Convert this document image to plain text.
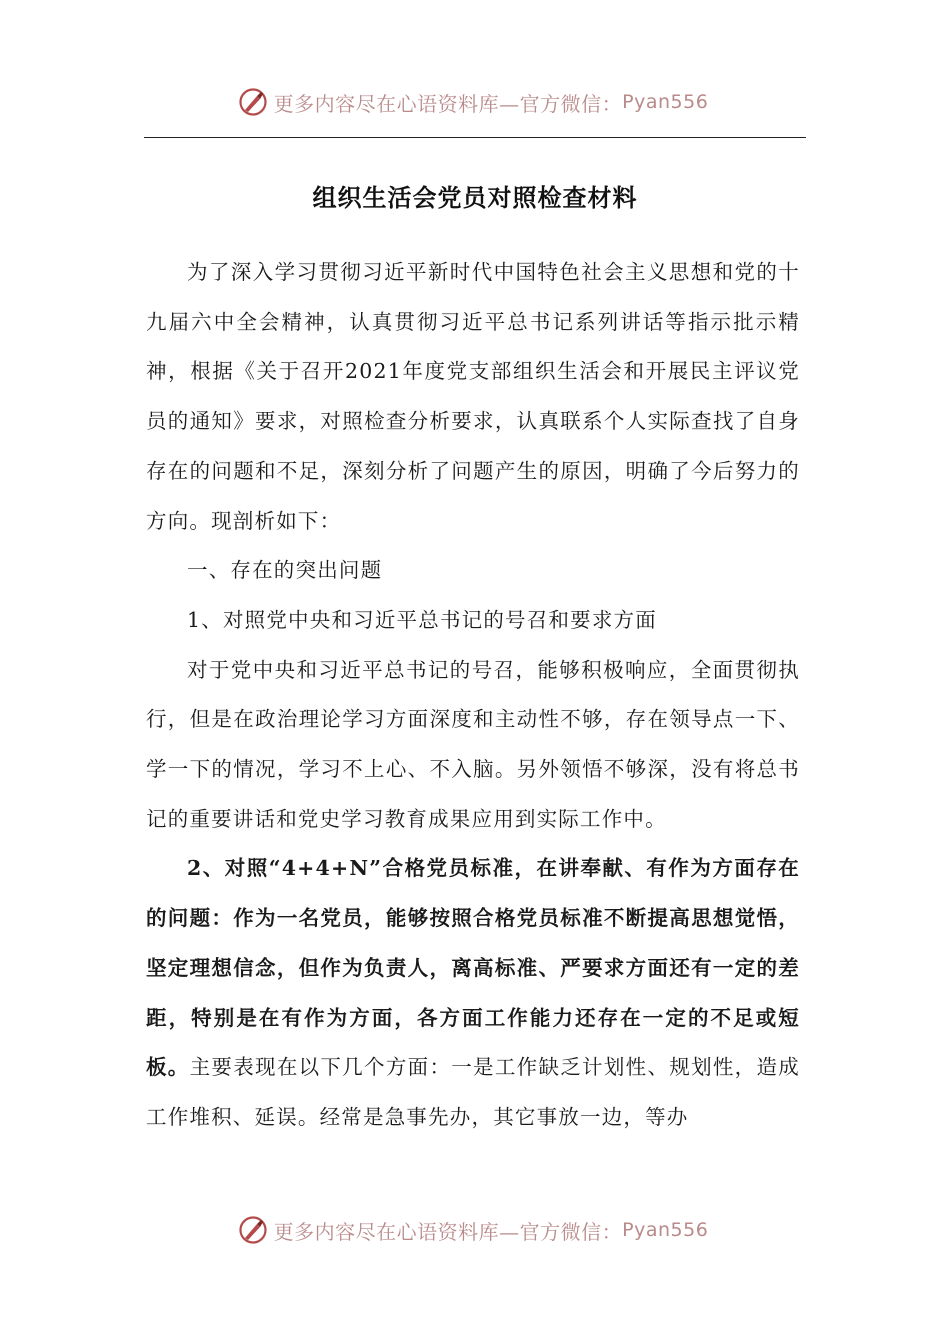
更多内容尽在心语资料库—官方微信： Pyan556
组织生活会党员对照检查材料

为了深入学习贯彻习近平新时代中国特色社会主义思想和党的十九届六中全会精神，认真贯彻习近平总书记系列讲话等指示批示精神，根据《关于召开2021年度党支部组织生活会和开展民主评议党员的通知》要求，对照检查分析要求，认真联系个人实际查找了自身存在的问题和不足，深刻分析了问题产生的原因，明确了今后努力的方向。现剖析如下：

一、存在的突出问题

1、对照党中央和习近平总书记的号召和要求方面

对于党中央和习近平总书记的号召，能够积极响应，全面贯彻执行，但是在政治理论学习方面深度和主动性不够，存在领导点一下、学一下的情况，学习不上心、不入脑。另外领悟不够深，没有将总书记的重要讲话和党史学习教育成果应用到实际工作中。

2、对照“4+4+N”合格党员标准，在讲奉献、有作为方面存在的问题：作为一名党员，能够按照合格党员标准不断提高思想觉悟，坚定理想信念，但作为负责人，离高标准、严要求方面还有一定的差距，特别是在有作为方面，各方面工作能力还存在一定的不足或短板。主要表现在以下几个方面：一是工作缺乏计划性、规划性，造成工作堆积、延误。经常是急事先办，其它事放一边，等办

更多内容尽在心语资料库—官方微信： Pyan556
